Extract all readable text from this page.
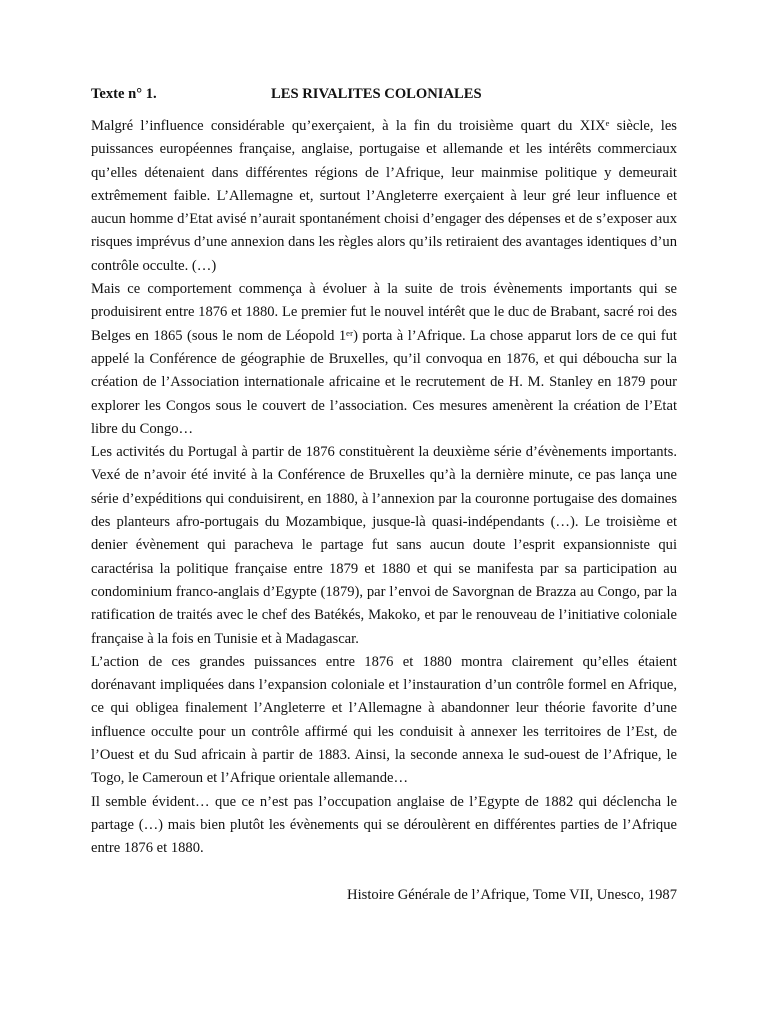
Texte n° 1.	LES RIVALITES COLONIALES

Malgré l’influence considérable qu’exerçaient, à la fin du troisième quart du XIXᵉ siècle, les puissances européennes française, anglaise, portugaise et allemande et les intérêts commerciaux qu’elles détenaient dans différentes régions de l’Afrique, leur mainmise politique y demeurait extrêmement faible. L’Allemagne et, surtout l’Angleterre exerçaient à leur gré leur influence et aucun homme d’Etat avisé n’aurait spontanément choisi d’engager des dépenses et de s’exposer aux risques imprévus d’une annexion dans les règles alors qu’ils retiraient des avantages identiques d’un contrôle occulte. (…)

Mais ce comportement commença à évoluer à la suite de trois évènements importants qui se produisirent entre 1876 et 1880. Le premier fut le nouvel intérêt que le duc de Brabant, sacré roi des Belges en 1865 (sous le nom de Léopold 1ᵉʳ) porta à l’Afrique. La chose apparut lors de ce qui fut appelé la Conférence de géographie de Bruxelles, qu’il convoqua en 1876, et qui déboucha sur la création de l’Association internationale africaine et le recrutement de H. M. Stanley en 1879 pour explorer les Congos sous le couvert de l’association. Ces mesures amenèrent la création de l’Etat libre du Congo…

Les activités du Portugal à partir de 1876 constituèrent la deuxième série d’évènements importants. Vexé de n’avoir été invité à la Conférence de Bruxelles qu’à la dernière minute, ce pas lança une série d’expéditions qui conduisirent, en 1880, à l’annexion par la couronne portugaise des domaines des planteurs afro-portugais du Mozambique, jusque-là quasi-indépendants (…). Le troisième et denier évènement qui paracheva le partage fut sans aucun doute l’esprit expansionniste qui caractérisa la politique française entre 1879 et 1880 et qui se manifesta par sa participation au condominium franco-anglais d’Egypte (1879), par l’envoi de Savorgnan de Brazza au Congo, par la ratification de traités avec le chef des Batékés, Makoko, et par le renouveau de l’initiative coloniale française à la fois en Tunisie et à Madagascar.

L’action de ces grandes puissances entre 1876 et 1880 montra clairement qu’elles étaient dorénavant impliquées dans l’expansion coloniale et l’instauration d’un contrôle formel en Afrique, ce qui obligea finalement l’Angleterre et l’Allemagne à abandonner leur théorie favorite d’une influence occulte pour un contrôle affirmé qui les conduisit à annexer les territoires de l’Est, de l’Ouest et du Sud africain à partir de 1883. Ainsi, la seconde annexa le sud-ouest de l’Afrique, le Togo, le Cameroun et l’Afrique orientale allemande…

Il semble évident… que ce n’est pas l’occupation anglaise de l’Egypte de 1882 qui déclencha le partage (…) mais bien plutôt les évènements qui se déroulèrent en différentes parties de l’Afrique entre 1876 et 1880.

Histoire Générale de l’Afrique, Tome VII, Unesco, 1987
